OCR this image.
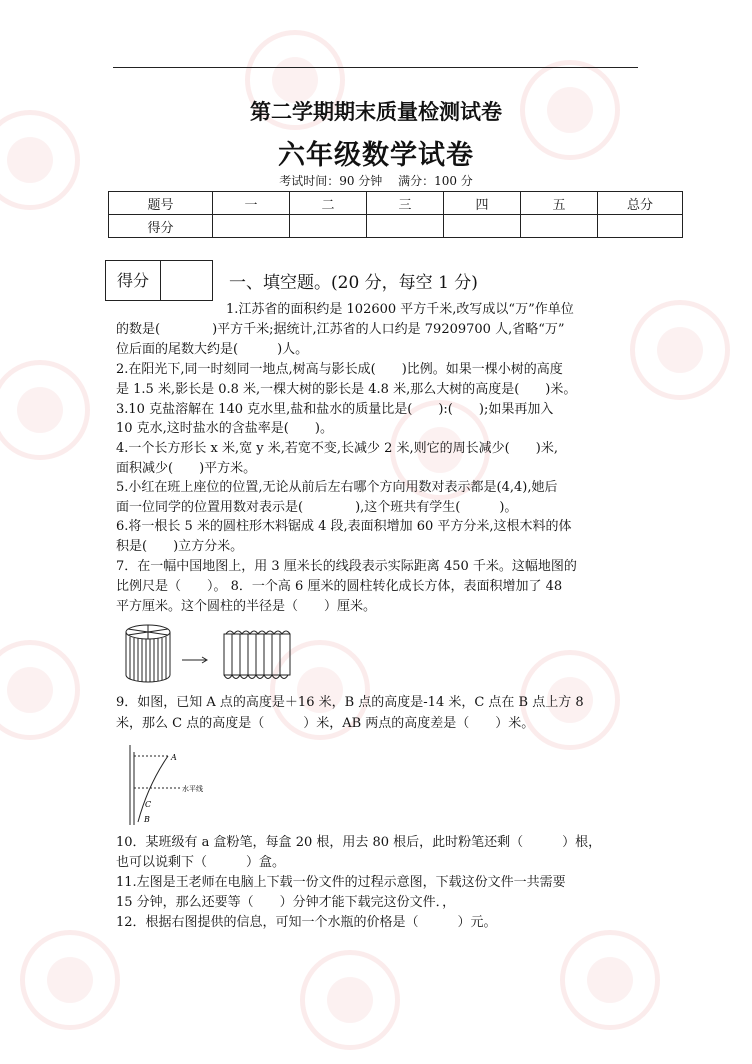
第二学期期末质量检测试卷
六年级数学试卷
考试时间：90 分钟　 满分：100 分
题号	一	二	三	四	五	总分
得分						
得分	一、填空题。(20 分，每空 1 分)
1.江苏省的面积约是 102600 平方千米,改写成以“万”作单位
的数是(　　　　)平方千米;据统计,江苏省的人口约是 79209700 人,省略“万”
位后面的尾数大约是(　　　)人。
2.在阳光下,同一时刻同一地点,树高与影长成(　　)比例。如果一棵小树的高度
是 1.5 米,影长是 0.8 米,一棵大树的影长是 4.8 米,那么大树的高度是(　　)米。
3.10 克盐溶解在 140 克水里,盐和盐水的质量比是(　　):(　　);如果再加入
10 克水,这时盐水的含盐率是(　　)。
4.一个长方形长 x 米,宽 y 米,若宽不变,长减少 2 米,则它的周长减少(　　)米,
面积减少(　　)平方米。
5.小红在班上座位的位置,无论从前后左右哪个方向用数对表示都是(4,4),她后
面一位同学的位置用数对表示是(　　　　),这个班共有学生(　　　)。
6.将一根长 5 米的圆柱形木料锯成 4 段,表面积增加 60 平方分米,这根木料的体
积是(　　)立方分米。
7．在一幅中国地图上，用 3 厘米长的线段表示实际距离 450 千米。这幅地图的
比例尺是（　　）。 8．一个高 6 厘米的圆柱转化成长方体，表面积增加了 48
平方厘米。这个圆柱的半径是（　　）厘米。
9．如图，已知 A 点的高度是＋16 米，B 点的高度是-14 米，C 点在 B 点上方 8
米，那么 C 点的高度是（　　　）米，AB 两点的高度差是（　　）米。
A
C
B
水平线
10．某班级有 a 盒粉笔，每盒 20 根，用去 80 根后，此时粉笔还剩（　　　）根，
也可以说剩下（　　　）盒。
11.左图是王老师在电脑上下载一份文件的过程示意图，下载这份文件一共需要
15 分钟，那么还要等（　　）分钟才能下载完这份文件．，
12．根据右图提供的信息，可知一个水瓶的价格是（　　　）元。
